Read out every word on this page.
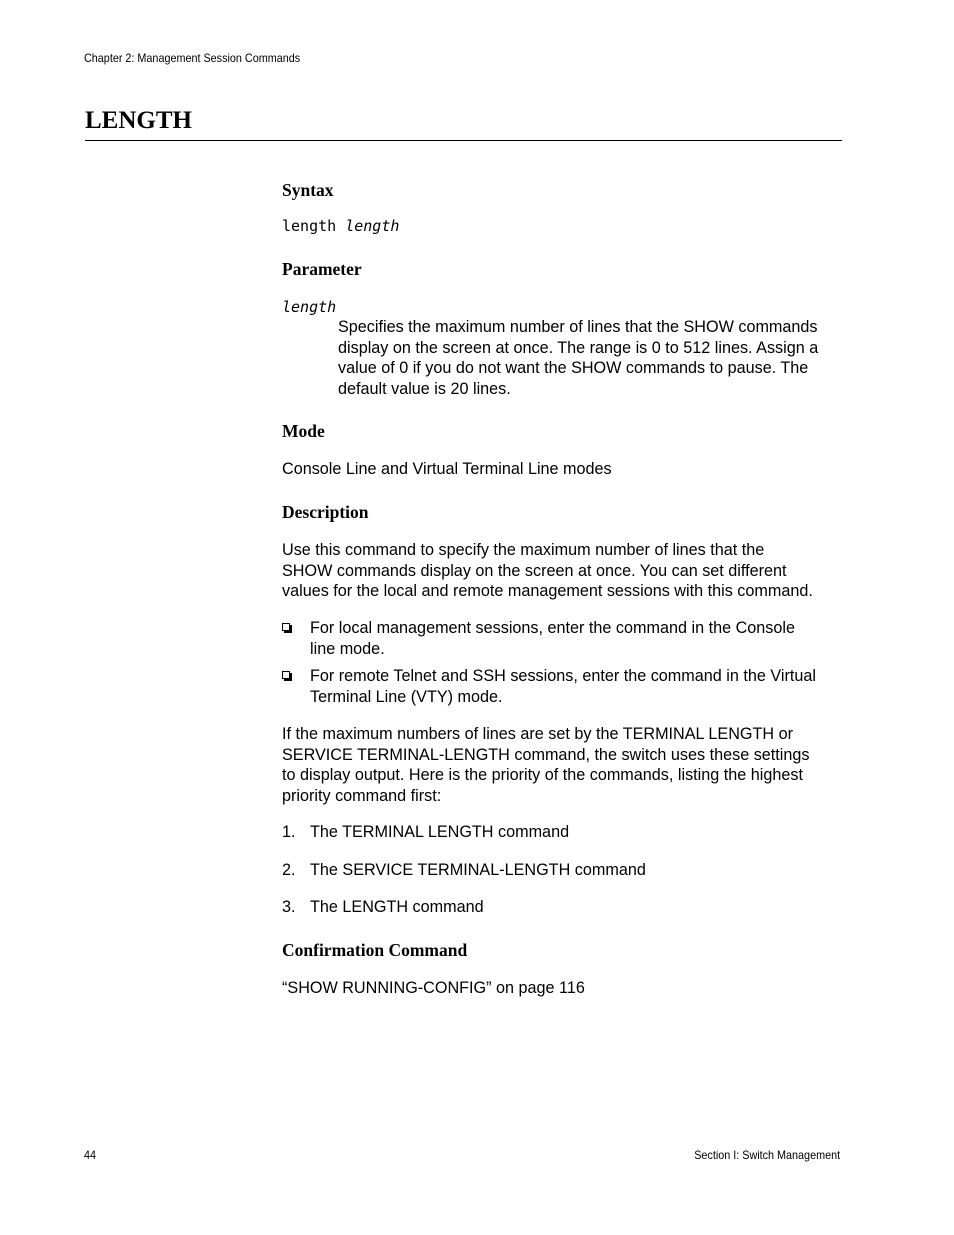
Chapter 2: Management Session Commands
LENGTH
Syntax
length length
Parameter
length
Specifies the maximum number of lines that the SHOW commands
display on the screen at once. The range is 0 to 512 lines. Assign a
value of 0 if you do not want the SHOW commands to pause. The
default value is 20 lines.
Mode
Console Line and Virtual Terminal Line modes
Description
Use this command to specify the maximum number of lines that the
SHOW commands display on the screen at once. You can set different
values for the local and remote management sessions with this command.
For local management sessions, enter the command in the Console
line mode.
For remote Telnet and SSH sessions, enter the command in the Virtual
Terminal Line (VTY) mode.
If the maximum numbers of lines are set by the TERMINAL LENGTH or
SERVICE TERMINAL-LENGTH command, the switch uses these settings
to display output. Here is the priority of the commands, listing the highest
priority command first:
1. The TERMINAL LENGTH command
2. The SERVICE TERMINAL-LENGTH command
3. The LENGTH command
Confirmation Command
“SHOW RUNNING-CONFIG” on page 116
44	Section I: Switch Management
